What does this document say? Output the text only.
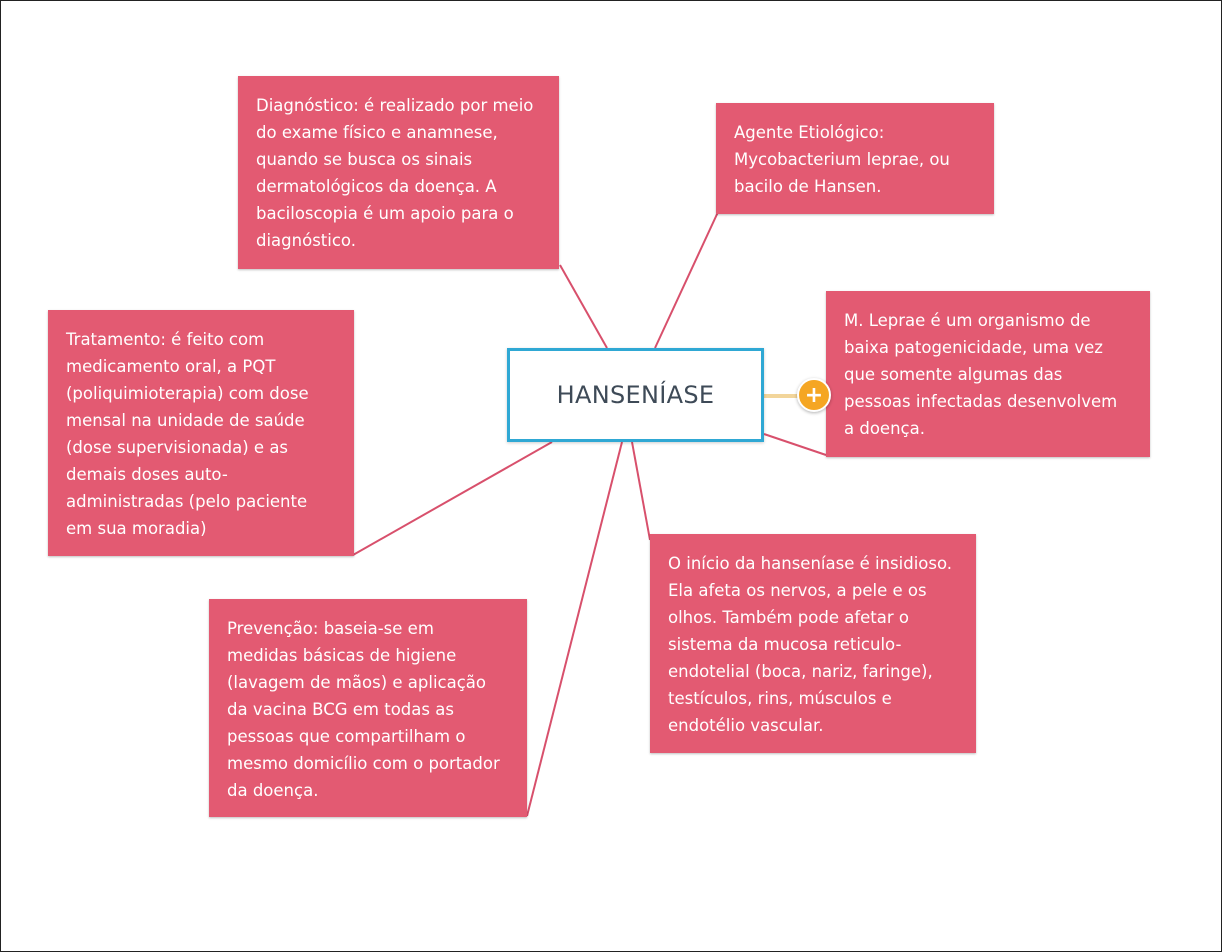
Diagnóstico: é realizado por meio do exame físico e anamnese, quando se busca os sinais dermatológicos da doença. A baciloscopia é um apoio para o diagnóstico.
Agente Etiológico: Mycobacterium leprae, ou bacilo de Hansen.
M. Leprae é um organismo de baixa patogenicidade, uma vez que somente algumas das pessoas infectadas desenvolvem a doença.
Tratamento: é feito com medicamento oral, a PQT (poliquimioterapia) com dose mensal na unidade de saúde (dose supervisionada) e as demais doses auto-administradas (pelo paciente em sua moradia)
Prevenção: baseia-se em medidas básicas de higiene (lavagem de mãos) e aplicação da vacina BCG em todas as pessoas que compartilham o mesmo domicílio com o portador da doença.
O início da hanseníase é insidioso. Ela afeta os nervos, a pele e os olhos. Também pode afetar o sistema da mucosa reticulo-endotelial (boca, nariz, faringe), testículos, rins, músculos e endotélio vascular.
HANSENÍASE	+
